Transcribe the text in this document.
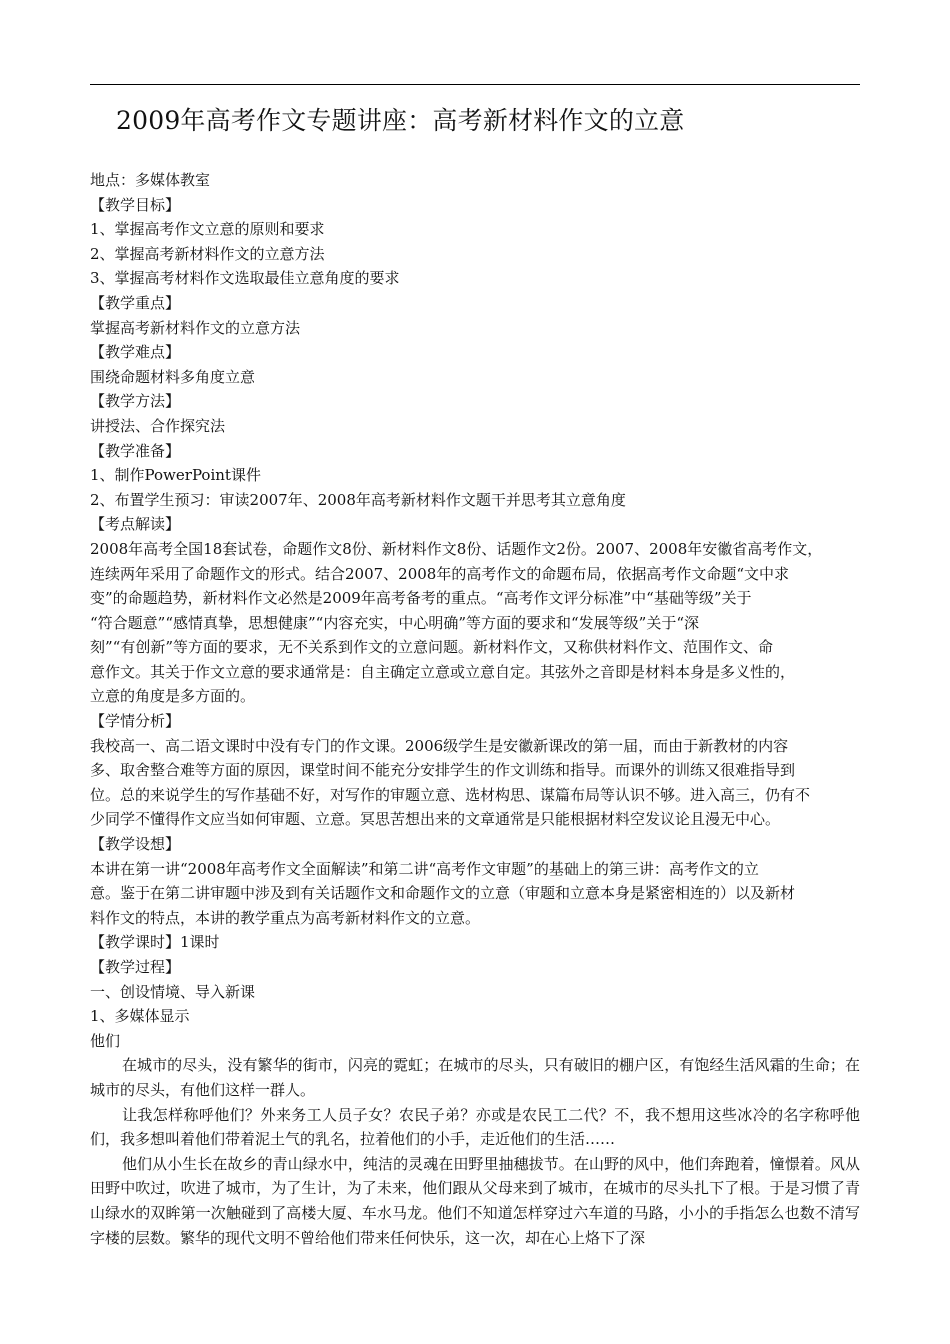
2009年高考作文专题讲座：高考新材料作文的立意
地点：多媒体教室
【教学目标】
1、掌握高考作文立意的原则和要求
2、掌握高考新材料作文的立意方法
3、掌握高考材料作文选取最佳立意角度的要求
【教学重点】
掌握高考新材料作文的立意方法
【教学难点】
围绕命题材料多角度立意
【教学方法】
讲授法、合作探究法
【教学准备】
1、制作PowerPoint课件
2、布置学生预习：审读2007年、2008年高考新材料作文题干并思考其立意角度
【考点解读】
2008年高考全国18套试卷，命题作文8份、新材料作文8份、话题作文2份。2007、2008年安徽省高考作文，
连续两年采用了命题作文的形式。结合2007、2008年的高考作文的命题布局，依据高考作文命题“文中求
变”的命题趋势，新材料作文必然是2009年高考备考的重点。“高考作文评分标准”中“基础等级”关于
“符合题意”“感情真挚，思想健康”“内容充实，中心明确”等方面的要求和“发展等级”关于“深
刻”“有创新”等方面的要求，无不关系到作文的立意问题。新材料作文，又称供材料作文、范围作文、命
意作文。其关于作文立意的要求通常是：自主确定立意或立意自定。其弦外之音即是材料本身是多义性的，
立意的角度是多方面的。
【学情分析】
我校高一、高二语文课时中没有专门的作文课。2006级学生是安徽新课改的第一届，而由于新教材的内容
多、取舍整合难等方面的原因，课堂时间不能充分安排学生的作文训练和指导。而课外的训练又很难指导到
位。总的来说学生的写作基础不好，对写作的审题立意、选材构思、谋篇布局等认识不够。进入高三，仍有不
少同学不懂得作文应当如何审题、立意。冥思苦想出来的文章通常是只能根据材料空发议论且漫无中心。
【教学设想】
本讲在第一讲“2008年高考作文全面解读”和第二讲“高考作文审题”的基础上的第三讲：高考作文的立
意。鉴于在第二讲审题中涉及到有关话题作文和命题作文的立意（审题和立意本身是紧密相连的）以及新材
料作文的特点，本讲的教学重点为高考新材料作文的立意。
【教学课时】1课时
【教学过程】
一、创设情境、导入新课
1、多媒体显示
他们
在城市的尽头，没有繁华的街市，闪亮的霓虹；在城市的尽头，只有破旧的棚户区，有饱经生活风霜的生命；在城市的尽头，有他们这样一群人。
让我怎样称呼他们？外来务工人员子女？农民子弟？亦或是农民工二代？不，我不想用这些冰冷的名字称呼他们，我多想叫着他们带着泥土气的乳名，拉着他们的小手，走近他们的生活……
他们从小生长在故乡的青山绿水中，纯洁的灵魂在田野里抽穗拔节。在山野的风中，他们奔跑着，憧憬着。风从田野中吹过，吹进了城市，为了生计，为了未来，他们跟从父母来到了城市，在城市的尽头扎下了根。于是习惯了青山绿水的双眸第一次触碰到了高楼大厦、车水马龙。他们不知道怎样穿过六车道的马路，小小的手指怎么也数不清写字楼的层数。繁华的现代文明不曾给他们带来任何快乐，这一次，却在心上烙下了深
